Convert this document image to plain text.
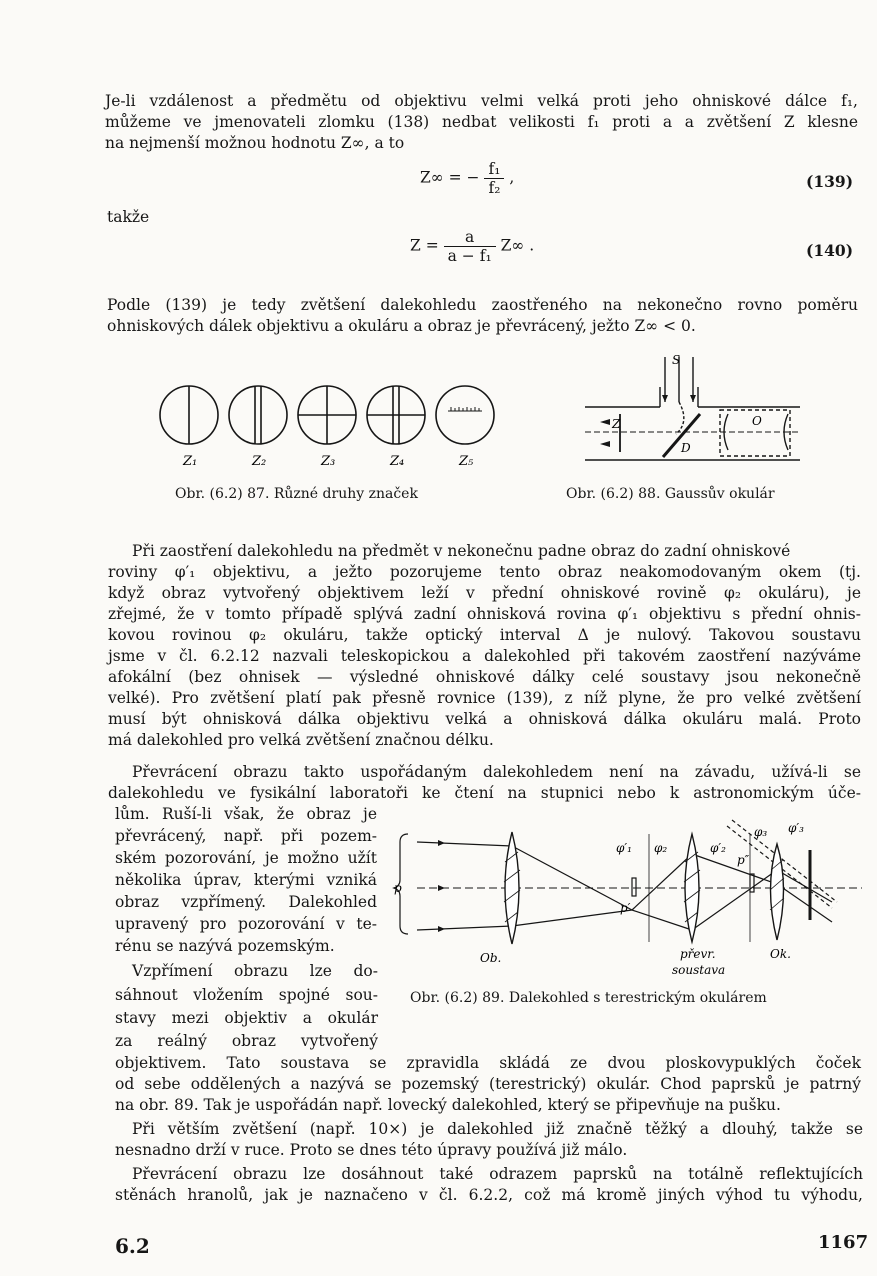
Je-li vzdálenost a předmětu od objektivu velmi velká proti jeho ohniskové dálce f₁,
můžeme ve jmenovateli zlomku (138) nedbat velikosti f₁ proti a a zvětšení Z klesne
na nejmenší možnou hodnotu Z∞, a to
Z∞ = − $\frac{\text{f₁}}{\text{f₂}}$ ,	(139)
takže
$Z = \frac{a}{\text{a − f₁}} Z\infty$ .	(140)
Podle (139) je tedy zvětšení dalekohledu zaostřeného na nekonečno rovno poměru
ohniskových dálek objektivu a okuláru a obraz je převrácený, ježto Z∞ < 0.
Z₁	Z₂	Z₃	Z₄	Z₅
Obr. (6.2) 87. Různé druhy značek
S
Z
D
O
Obr. (6.2) 88. Gaussův okulár
Při zaostření dalekohledu na předmět v nekonečnu padne obraz do zadní ohniskové
roviny φ′₁ objektivu, a ježto pozorujeme tento obraz neakomodovaným okem (tj.
když obraz vytvořený objektivem leží v přední ohniskové rovině φ₂ okuláru), je
zřejmé, že v tomto případě splývá zadní ohnisková rovina φ′₁ objektivu s přední ohnis-
kovou rovinou φ₂ okuláru, takže optický interval Δ je nulový. Takovou soustavu
jsme v čl. 6.2.12 nazvali teleskopickou a dalekohled při takovém zaostření nazýváme
afokální (bez ohnisek — výsledné ohniskové dálky celé soustavy jsou nekonečně
velké). Pro zvětšení platí pak přesně rovnice (139), z níž plyne, že pro velké zvětšení
musí být ohnisková dálka objektivu velká a ohnisková dálka okuláru malá. Proto
má dalekohled pro velká zvětšení značnou délku.
Převrácení obrazu takto uspořádaným dalekohledem není na závadu, užívá-li se
dalekohledu ve fysikální laboratoři ke čtení na stupnici nebo k astronomickým úče-
lům. Ruší-li však, že obraz je
převrácený, např. při pozem-
ském pozorování, je možno užít
několika úprav, kterými vzniká
obraz vzpřímený. Dalekohled
upravený pro pozorování v te-
rénu se nazývá pozemským.
Vzpřímení obrazu lze do-
sáhnout vložením spojné sou-
stavy mezi objektiv a okulár
za reálný obraz vytvořený
objektivem. Tato soustava se zpravidla skládá ze dvou ploskovypuklých čoček
od sebe oddělených a nazývá se pozemský (terestrický) okulár. Chod paprsků je patrný
na obr. 89. Tak je uspořádán např. lovecký dalekohled, který se připevňuje na pušku.
Při větším zvětšení (např. 10×) je dalekohled již značně těžký a dlouhý, takže se
nesnadno drží v ruce. Proto se dnes této úpravy používá již málo.
Převrácení obrazu lze dosáhnout také odrazem paprsků na totálně reflektujících
stěnách hranolů, jak je naznačeno v čl. 6.2.2, což má kromě jiných výhod tu výhodu,
p
φ′₁ φ₂	φ′₂
φ₃ φ′₃
p′
p″
Ob.	převr.
soustava
Ok.
Obr. (6.2) 89. Dalekohled s terestrickým okulárem
6.2	1167
